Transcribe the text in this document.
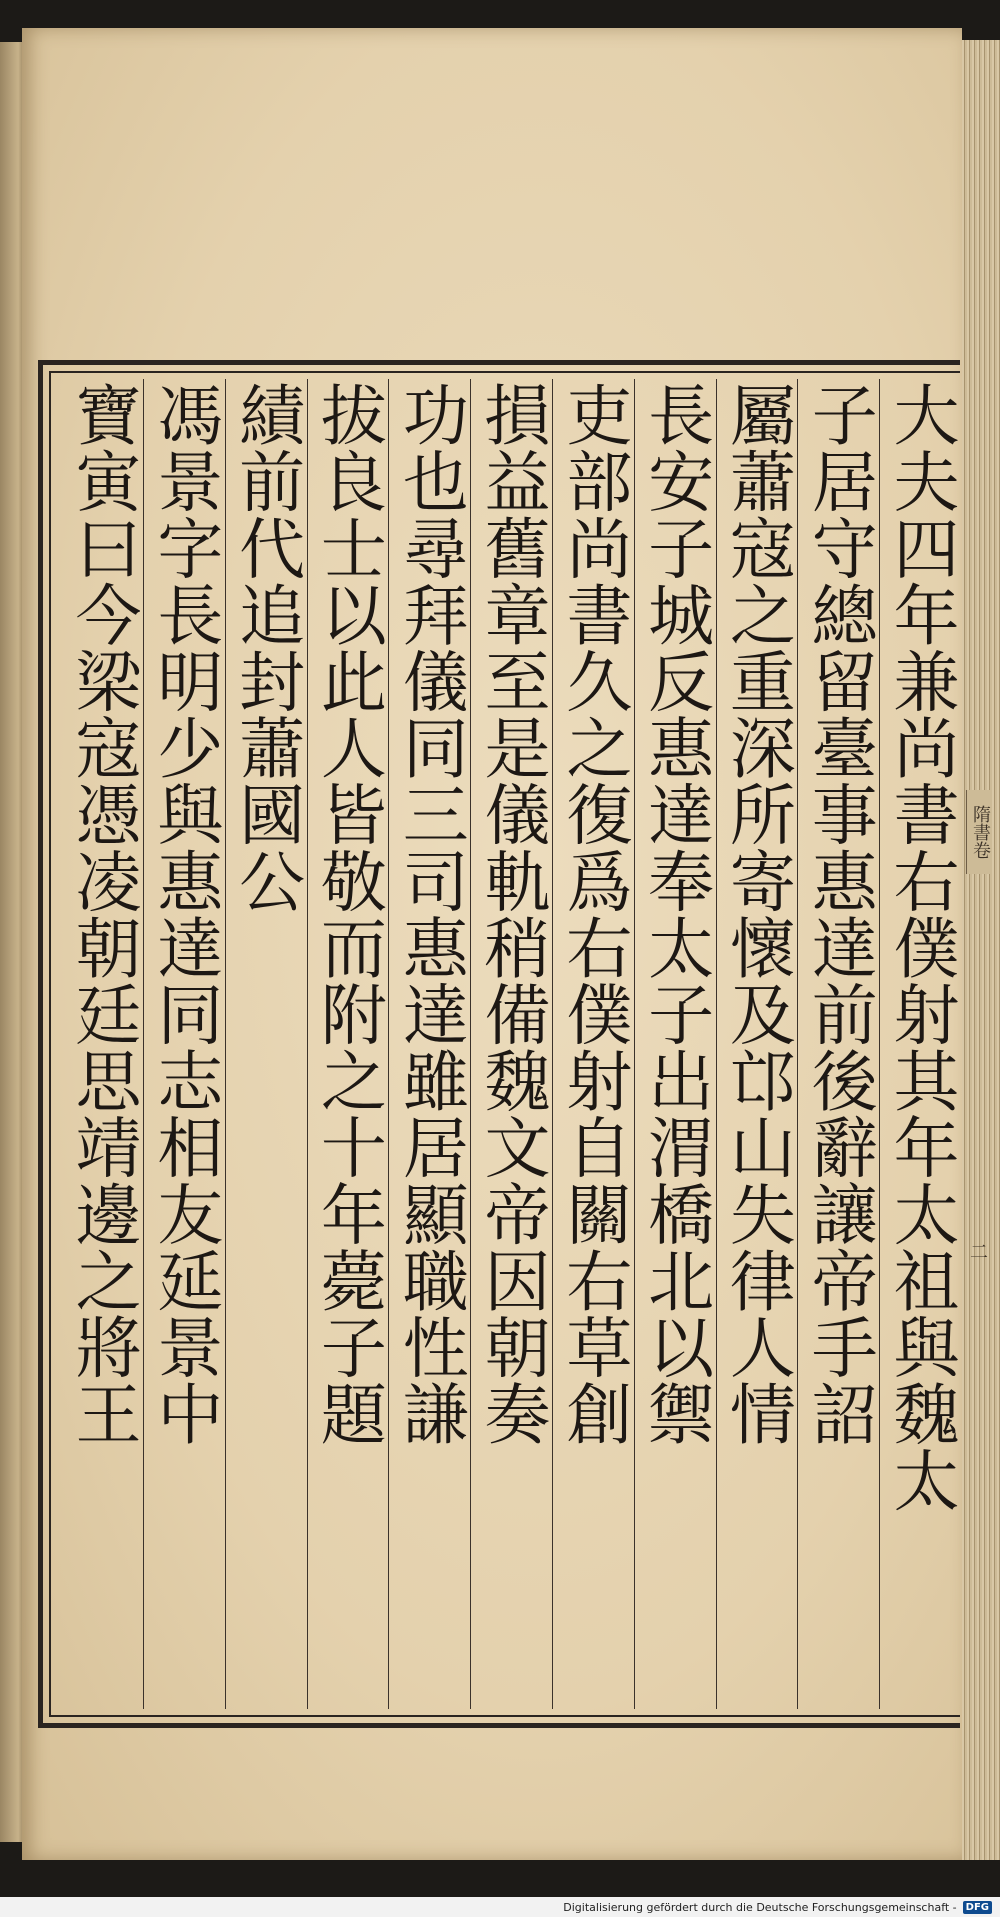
大夫四年兼尚書右僕射其年太祖與魏太
子居守總留臺事惠達前後辭讓帝手詔
屬蕭寇之重深所寄懷及邙山失律人情
長安子城反惠達奉太子出渭橋北以禦
吏部尚書久之復爲右僕射自關右草創
損益舊章至是儀軌稍備魏文帝因朝奏
功也尋拜儀同三司惠達雖居顯職性謙
拔良士以此人皆敬而附之十年薨子題
績前代追封蕭國公
馮景字長明少與惠達同志相友延景中
寶寅曰今梁寇憑凌朝廷思靖邊之將王	隋書卷
二
Digitalisierung gefördert durch die Deutsche Forschungsgemeinschaft - DFG
